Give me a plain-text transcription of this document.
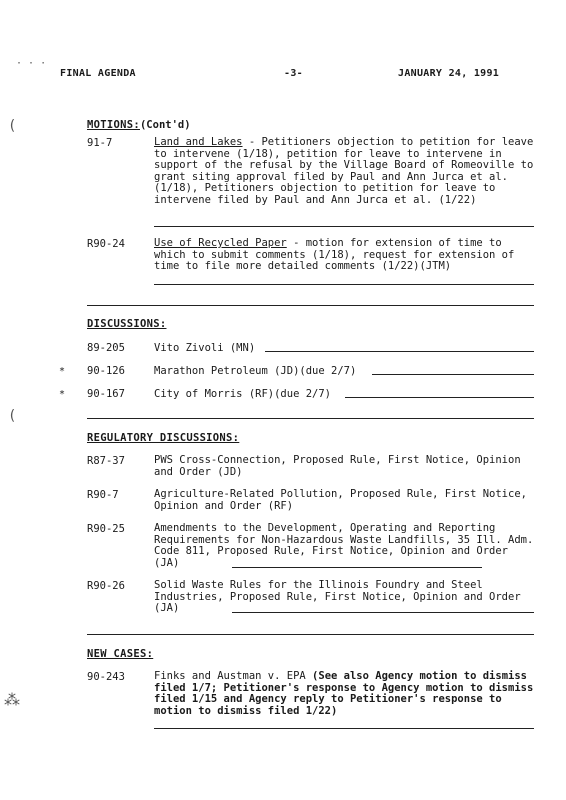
· · ·
(
(
⁂
FINAL AGENDA	-3-	JANUARY 24, 1991
MOTIONS:(Cont'd)
91-7	Land and Lakes - Petitioners objection to petition for leave to intervene (1/18), petition for leave to intervene in support of the refusal by the Village Board of Romeoville to grant siting approval filed by Paul and Ann Jurca et al. (1/18), Petitioners objection to petition for leave to intervene filed by Paul and Ann Jurca et al. (1/22)
R90-24	Use of Recycled Paper - motion for extension of time to which to submit comments (1/18), request for extension of time to file more detailed comments (1/22)(JTM)
DISCUSSIONS:
89-205	Vito Zivoli (MN)
* 90-126	Marathon Petroleum (JD)(due 2/7)
* 90-167	City of Morris (RF)(due 2/7)
REGULATORY DISCUSSIONS:
R87-37	PWS Cross-Connection, Proposed Rule, First Notice, Opinion and Order (JD)
R90-7	Agriculture-Related Pollution, Proposed Rule, First Notice, Opinion and Order (RF)
R90-25	Amendments to the Development, Operating and Reporting Requirements for Non-Hazardous Waste Landfills, 35 Ill. Adm. Code 811, Proposed Rule, First Notice, Opinion and Order (JA)
R90-26	Solid Waste Rules for the Illinois Foundry and Steel Industries, Proposed Rule, First Notice, Opinion and Order (JA)
NEW CASES:
90-243	Finks and Austman v. EPA (See also Agency motion to dismiss filed 1/7; Petitioner's response to Agency motion to dismiss filed 1/15 and Agency reply to Petitioner's response to motion to dismiss filed 1/22)
